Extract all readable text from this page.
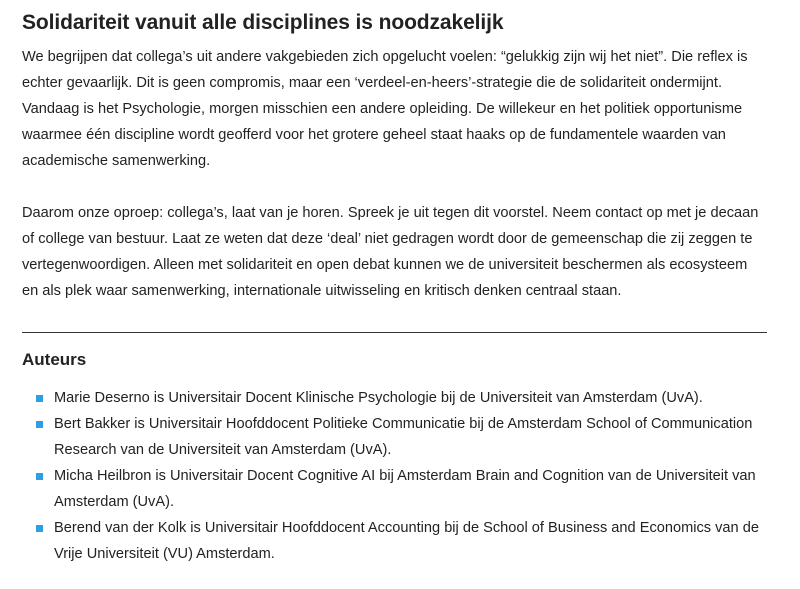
Solidariteit vanuit alle disciplines is noodzakelijk

We begrijpen dat collega’s uit andere vakgebieden zich opgelucht voelen: “gelukkig zijn wij het niet”. Die reflex is echter gevaarlijk. Dit is geen compromis, maar een ‘verdeel-en-heers’-strategie die de solidariteit ondermijnt. Vandaag is het Psychologie, morgen misschien een andere opleiding. De willekeur en het politiek opportunisme waarmee één discipline wordt geofferd voor het grotere geheel staat haaks op de fundamentele waarden van academische samenwerking.

Daarom onze oproep: collega’s, laat van je horen. Spreek je uit tegen dit voorstel. Neem contact op met je decaan of college van bestuur. Laat ze weten dat deze ‘deal’ niet gedragen wordt door de gemeenschap die zij zeggen te vertegenwoordigen. Alleen met solidariteit en open debat kunnen we de universiteit beschermen als ecosysteem en als plek waar samenwerking, internationale uitwisseling en kritisch denken centraal staan.

Auteurs
Marie Deserno is Universitair Docent Klinische Psychologie bij de Universiteit van Amsterdam (UvA).
Bert Bakker is Universitair Hoofddocent Politieke Communicatie bij de Amsterdam School of Communication Research van de Universiteit van Amsterdam (UvA).
Micha Heilbron is Universitair Docent Cognitive AI bij Amsterdam Brain and Cognition van de Universiteit van Amsterdam (UvA).
Berend van der Kolk is Universitair Hoofddocent Accounting bij de School of Business and Economics van de Vrije Universiteit (VU) Amsterdam.
